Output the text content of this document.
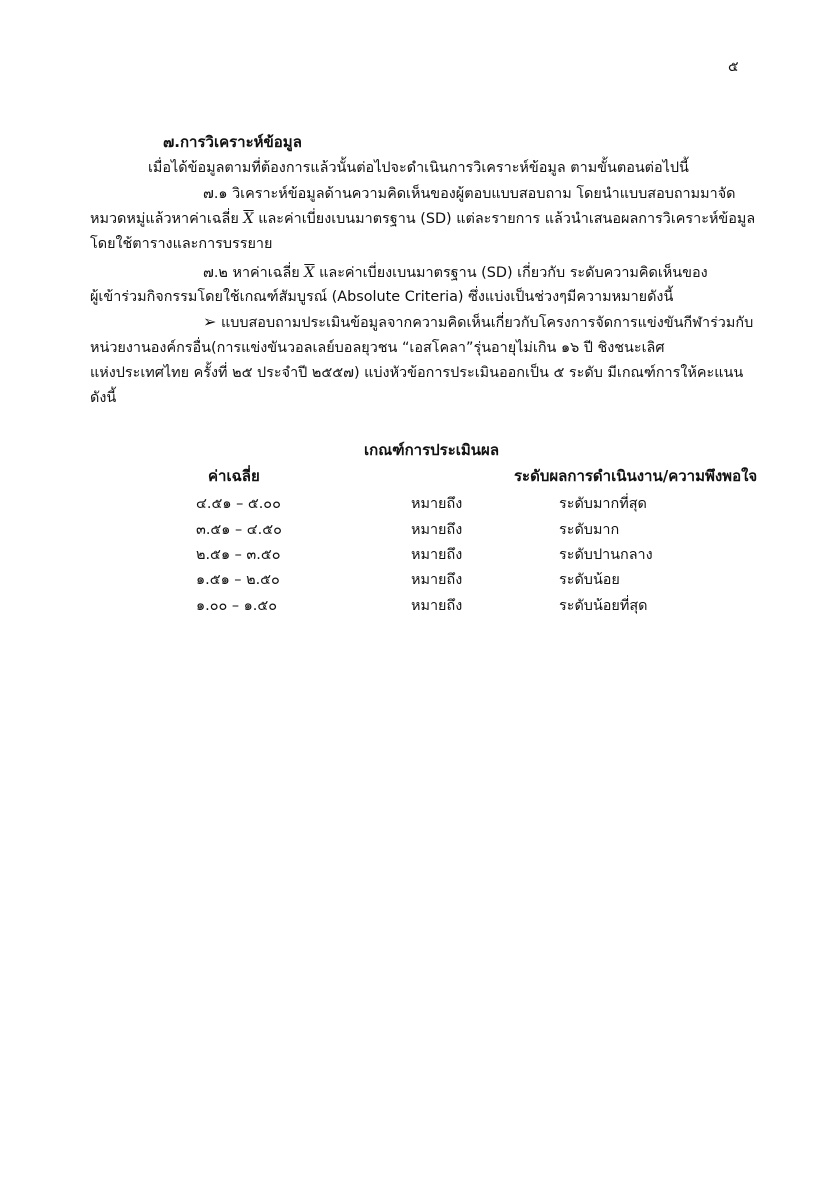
๕
๗.การวิเคราะห์ข้อมูล
เมื่อได้ข้อมูลตามที่ต้องการแล้วนั้นต่อไปจะดำเนินการวิเคราะห์ข้อมูล ตามขั้นตอนต่อไปนี้
๗.๑ วิเคราะห์ข้อมูลด้านความคิดเห็นของผู้ตอบแบบสอบถาม โดยนำแบบสอบถามมาจัด
หมวดหมู่แล้วหาค่าเฉลี่ย $\overline{X}$ และค่าเบี่ยงเบนมาตรฐาน (SD) แต่ละรายการ แล้วนำเสนอผลการวิเคราะห์ข้อมูล
โดยใช้ตารางและการบรรยาย
๗.๒ หาค่าเฉลี่ย $\overline{X}$ และค่าเบี่ยงเบนมาตรฐาน (SD) เกี่ยวกับ ระดับความคิดเห็นของ
ผู้เข้าร่วมกิจกรรมโดยใช้เกณฑ์สัมบูรณ์ (Absolute Criteria) ซึ่งแบ่งเป็นช่วงๆมีความหมายดังนี้
➢ แบบสอบถามประเมินข้อมูลจากความคิดเห็นเกี่ยวกับโครงการจัดการแข่งขันกีฬาร่วมกับ
หน่วยงานองค์กรอื่น(การแข่งขันวอลเลย์บอลยุวชน “เอสโคลา”รุ่นอายุไม่เกิน ๑๖ ปี ชิงชนะเลิศ
แห่งประเทศไทย ครั้งที่ ๒๕ ประจำปี ๒๕๕๗) แบ่งหัวข้อการประเมินออกเป็น ๕ ระดับ มีเกณฑ์การให้คะแนน
ดังนี้
เกณฑ์การประเมินผล
ค่าเฉลี่ย	ระดับผลการดำเนินงาน/ความพึงพอใจ
๔.๕๑ – ๕.๐๐	หมายถึง	ระดับมากที่สุด
๓.๕๑ – ๔.๕๐	หมายถึง	ระดับมาก
๒.๕๑ – ๓.๕๐	หมายถึง	ระดับปานกลาง
๑.๕๑ – ๒.๕๐	หมายถึง	ระดับน้อย
๑.๐๐ – ๑.๕๐	หมายถึง	ระดับน้อยที่สุด
